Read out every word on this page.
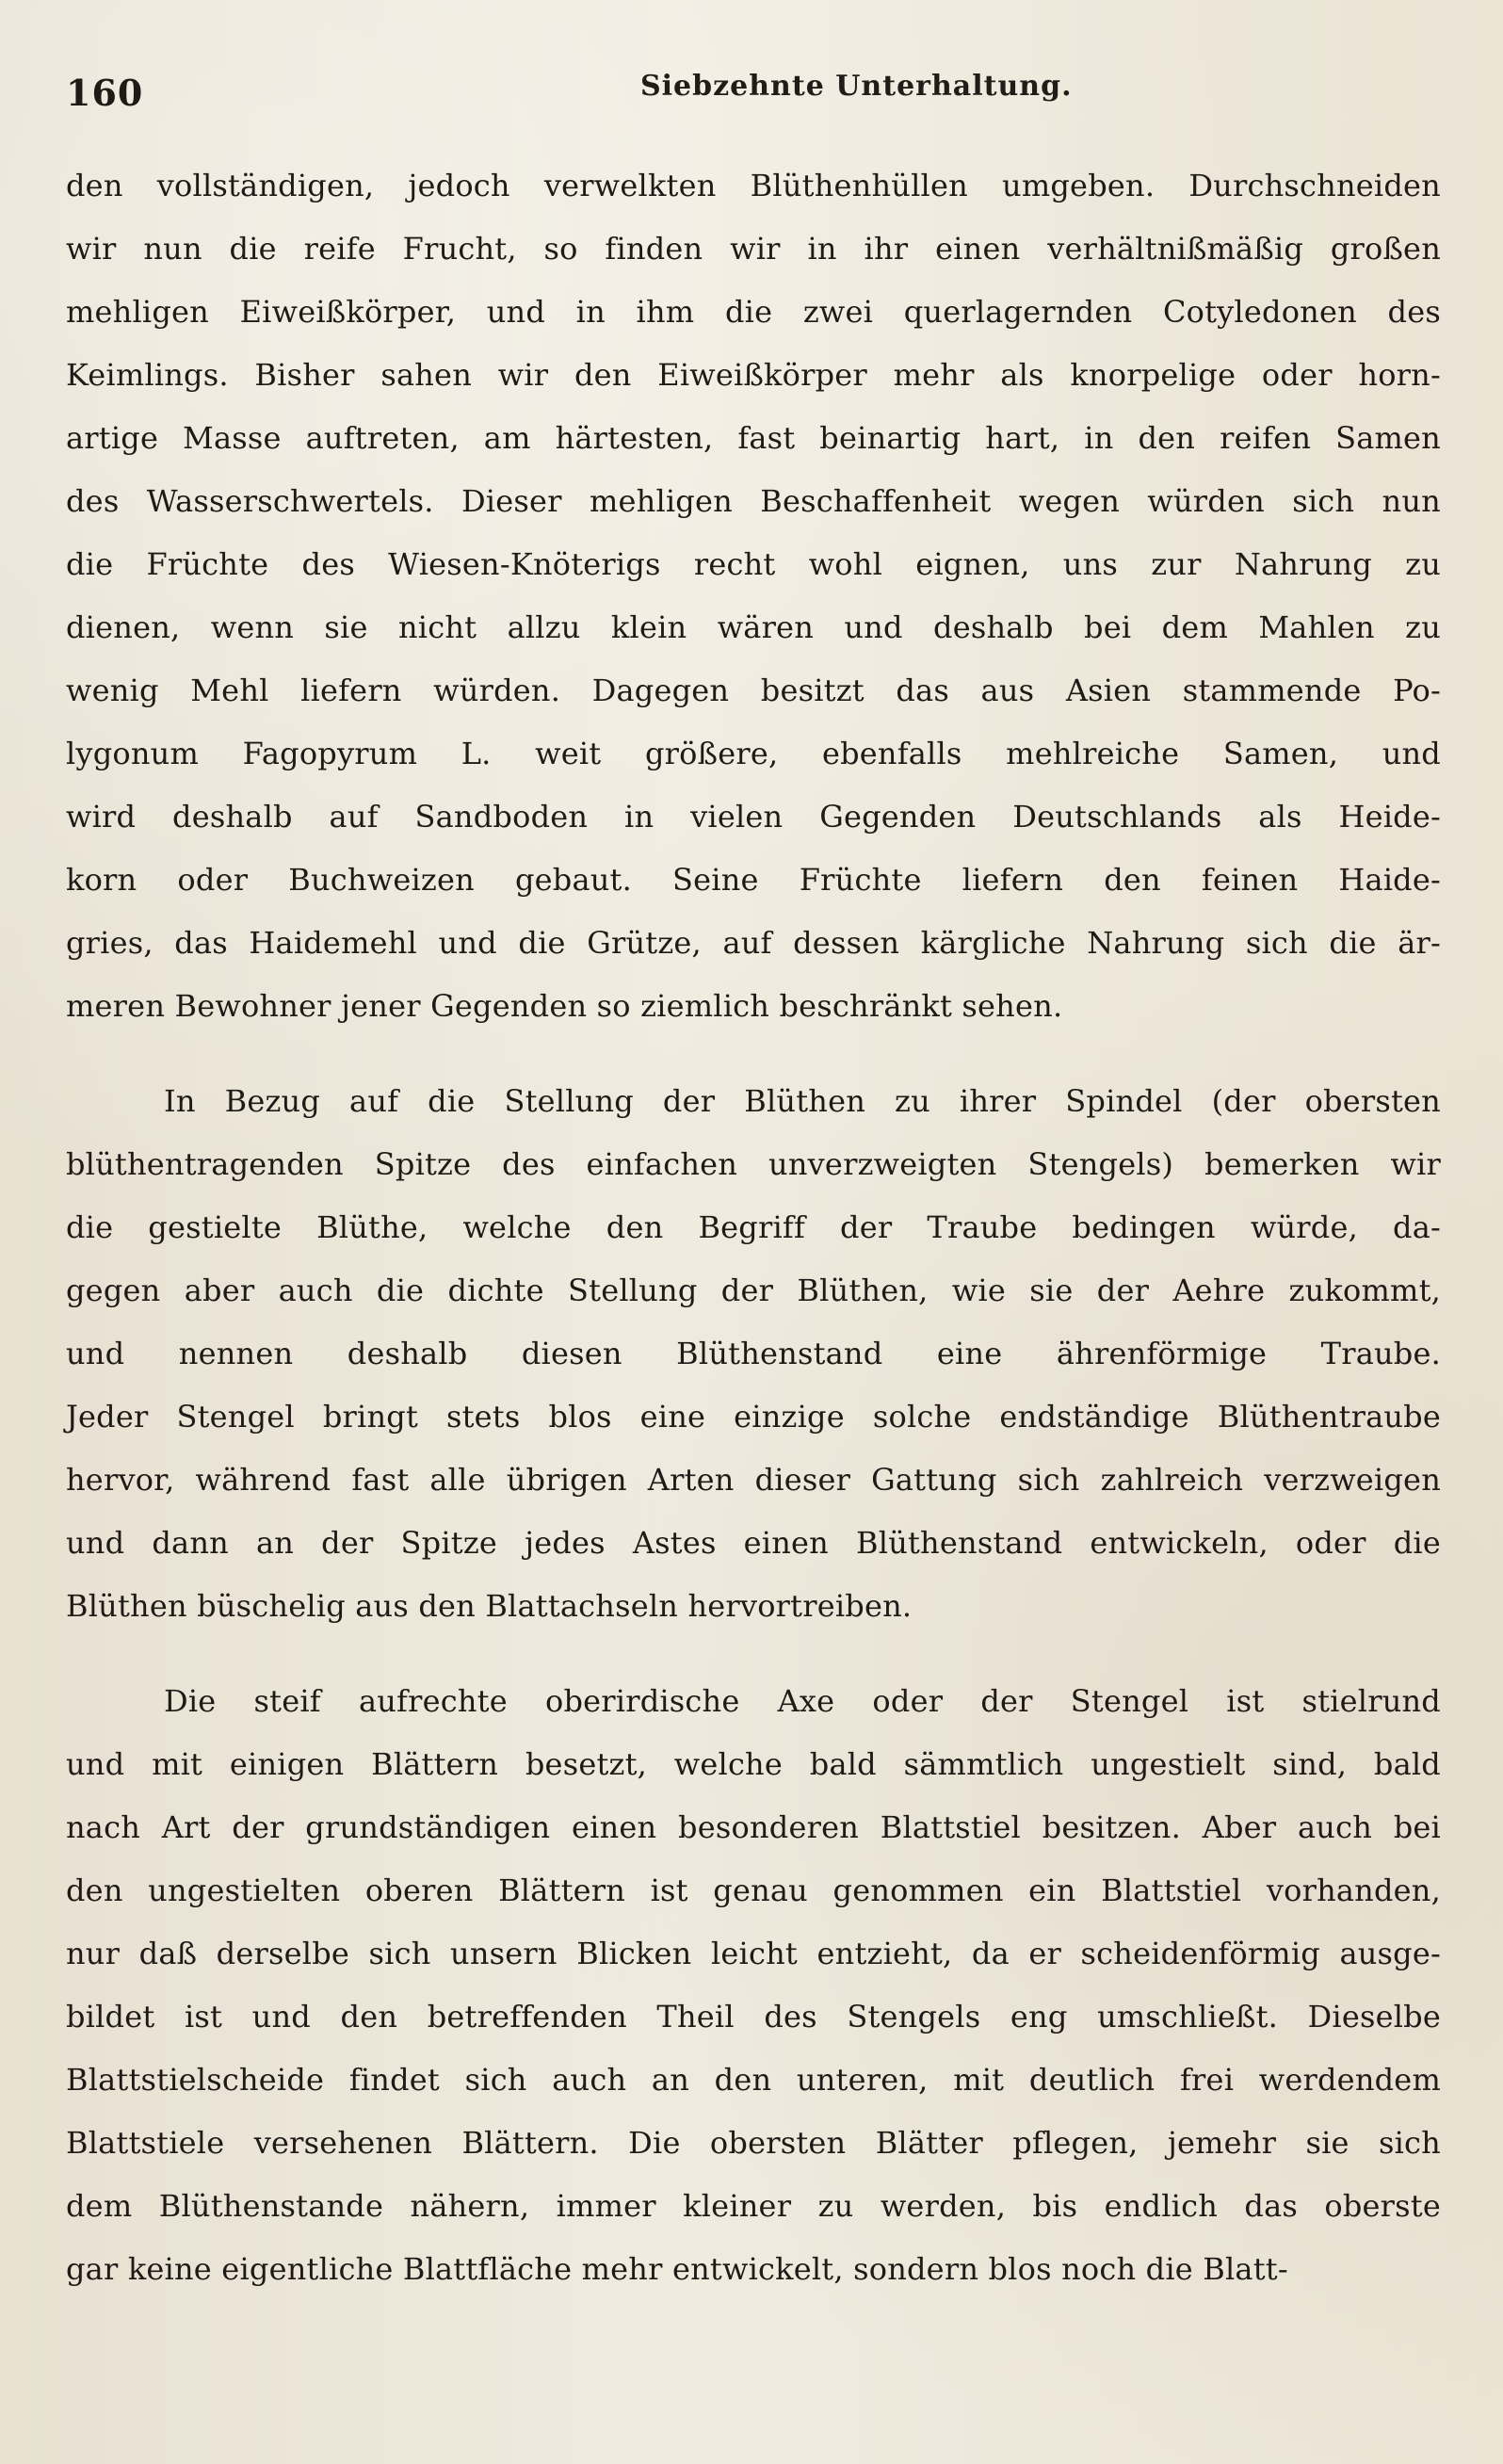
160	Siebzehnte Unterhaltung.
den vollständigen, jedoch verwelkten Blüthenhüllen umgeben. Durchschneiden
wir nun die reife Frucht, so finden wir in ihr einen verhältnißmäßig großen
mehligen Eiweißkörper, und in ihm die zwei querlagernden Cotyledonen des
Keimlings. Bisher sahen wir den Eiweißkörper mehr als knorpelige oder horn-
artige Masse auftreten, am härtesten, fast beinartig hart, in den reifen Samen
des Wasserschwertels. Dieser mehligen Beschaffenheit wegen würden sich nun
die Früchte des Wiesen-Knöterigs recht wohl eignen, uns zur Nahrung zu
dienen, wenn sie nicht allzu klein wären und deshalb bei dem Mahlen zu
wenig Mehl liefern würden. Dagegen besitzt das aus Asien stammende Po-
lygonum Fagopyrum L. weit größere, ebenfalls mehlreiche Samen, und
wird deshalb auf Sandboden in vielen Gegenden Deutschlands als Heide-
korn oder Buchweizen gebaut. Seine Früchte liefern den feinen Haide-
gries, das Haidemehl und die Grütze, auf dessen kärgliche Nahrung sich die är-
meren Bewohner jener Gegenden so ziemlich beschränkt sehen.
In Bezug auf die Stellung der Blüthen zu ihrer Spindel (der obersten
blüthentragenden Spitze des einfachen unverzweigten Stengels) bemerken wir
die gestielte Blüthe, welche den Begriff der Traube bedingen würde, da-
gegen aber auch die dichte Stellung der Blüthen, wie sie der Aehre zukommt,
und nennen deshalb diesen Blüthenstand eine ährenförmige Traube.
Jeder Stengel bringt stets blos eine einzige solche endständige Blüthentraube
hervor, während fast alle übrigen Arten dieser Gattung sich zahlreich verzweigen
und dann an der Spitze jedes Astes einen Blüthenstand entwickeln, oder die
Blüthen büschelig aus den Blattachseln hervortreiben.
Die steif aufrechte oberirdische Axe oder der Stengel ist stielrund
und mit einigen Blättern besetzt, welche bald sämmtlich ungestielt sind, bald
nach Art der grundständigen einen besonderen Blattstiel besitzen. Aber auch bei
den ungestielten oberen Blättern ist genau genommen ein Blattstiel vorhanden,
nur daß derselbe sich unsern Blicken leicht entzieht, da er scheidenförmig ausge-
bildet ist und den betreffenden Theil des Stengels eng umschließt. Dieselbe
Blattstielscheide findet sich auch an den unteren, mit deutlich frei werdendem
Blattstiele versehenen Blättern. Die obersten Blätter pflegen, jemehr sie sich
dem Blüthenstande nähern, immer kleiner zu werden, bis endlich das oberste
gar keine eigentliche Blattfläche mehr entwickelt, sondern blos noch die Blatt-
